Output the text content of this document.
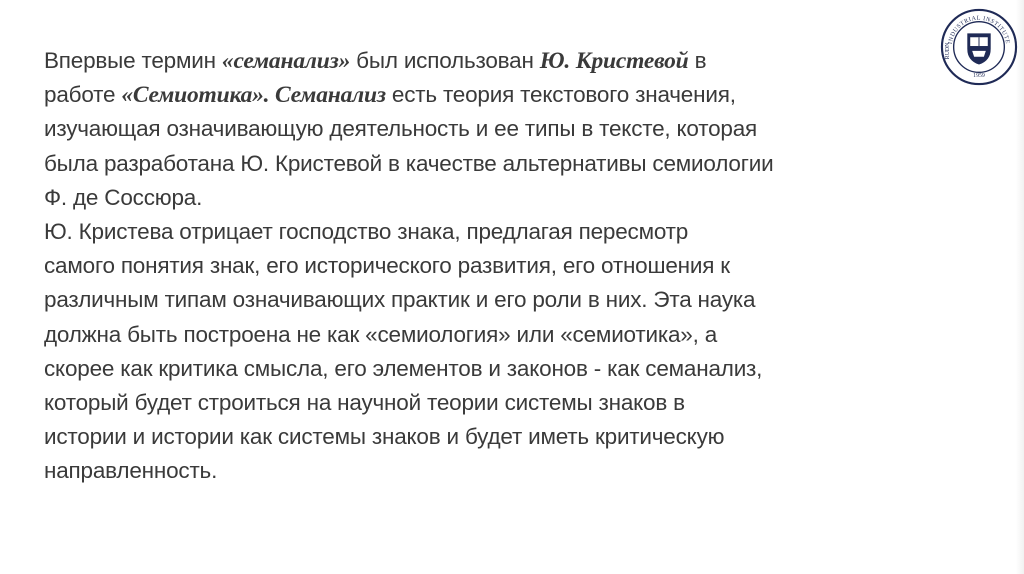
INDUSTRIAL INSTITUTE
1959
RUDN
Впервые термин «семанализ» был использован Ю. Кристевой в
работе «Семиотика». Семанализ есть теория текстового значения,
изучающая означивающую деятельность и ее типы в тексте, которая
была разработана Ю. Кристевой в качестве альтернативы семиологии
Ф. де Соссюра.
Ю. Кристева отрицает господство знака, предлагая пересмотр
самого понятия знак, его исторического развития, его отношения к
различным типам означивающих практик и его роли в них. Эта наука
должна быть построена не как «семиология» или «семиотика», а
скорее как критика смысла, его элементов и законов - как семанализ,
который будет строиться на научной теории системы знаков в
истории и истории как системы знаков и будет иметь критическую
направленность.
